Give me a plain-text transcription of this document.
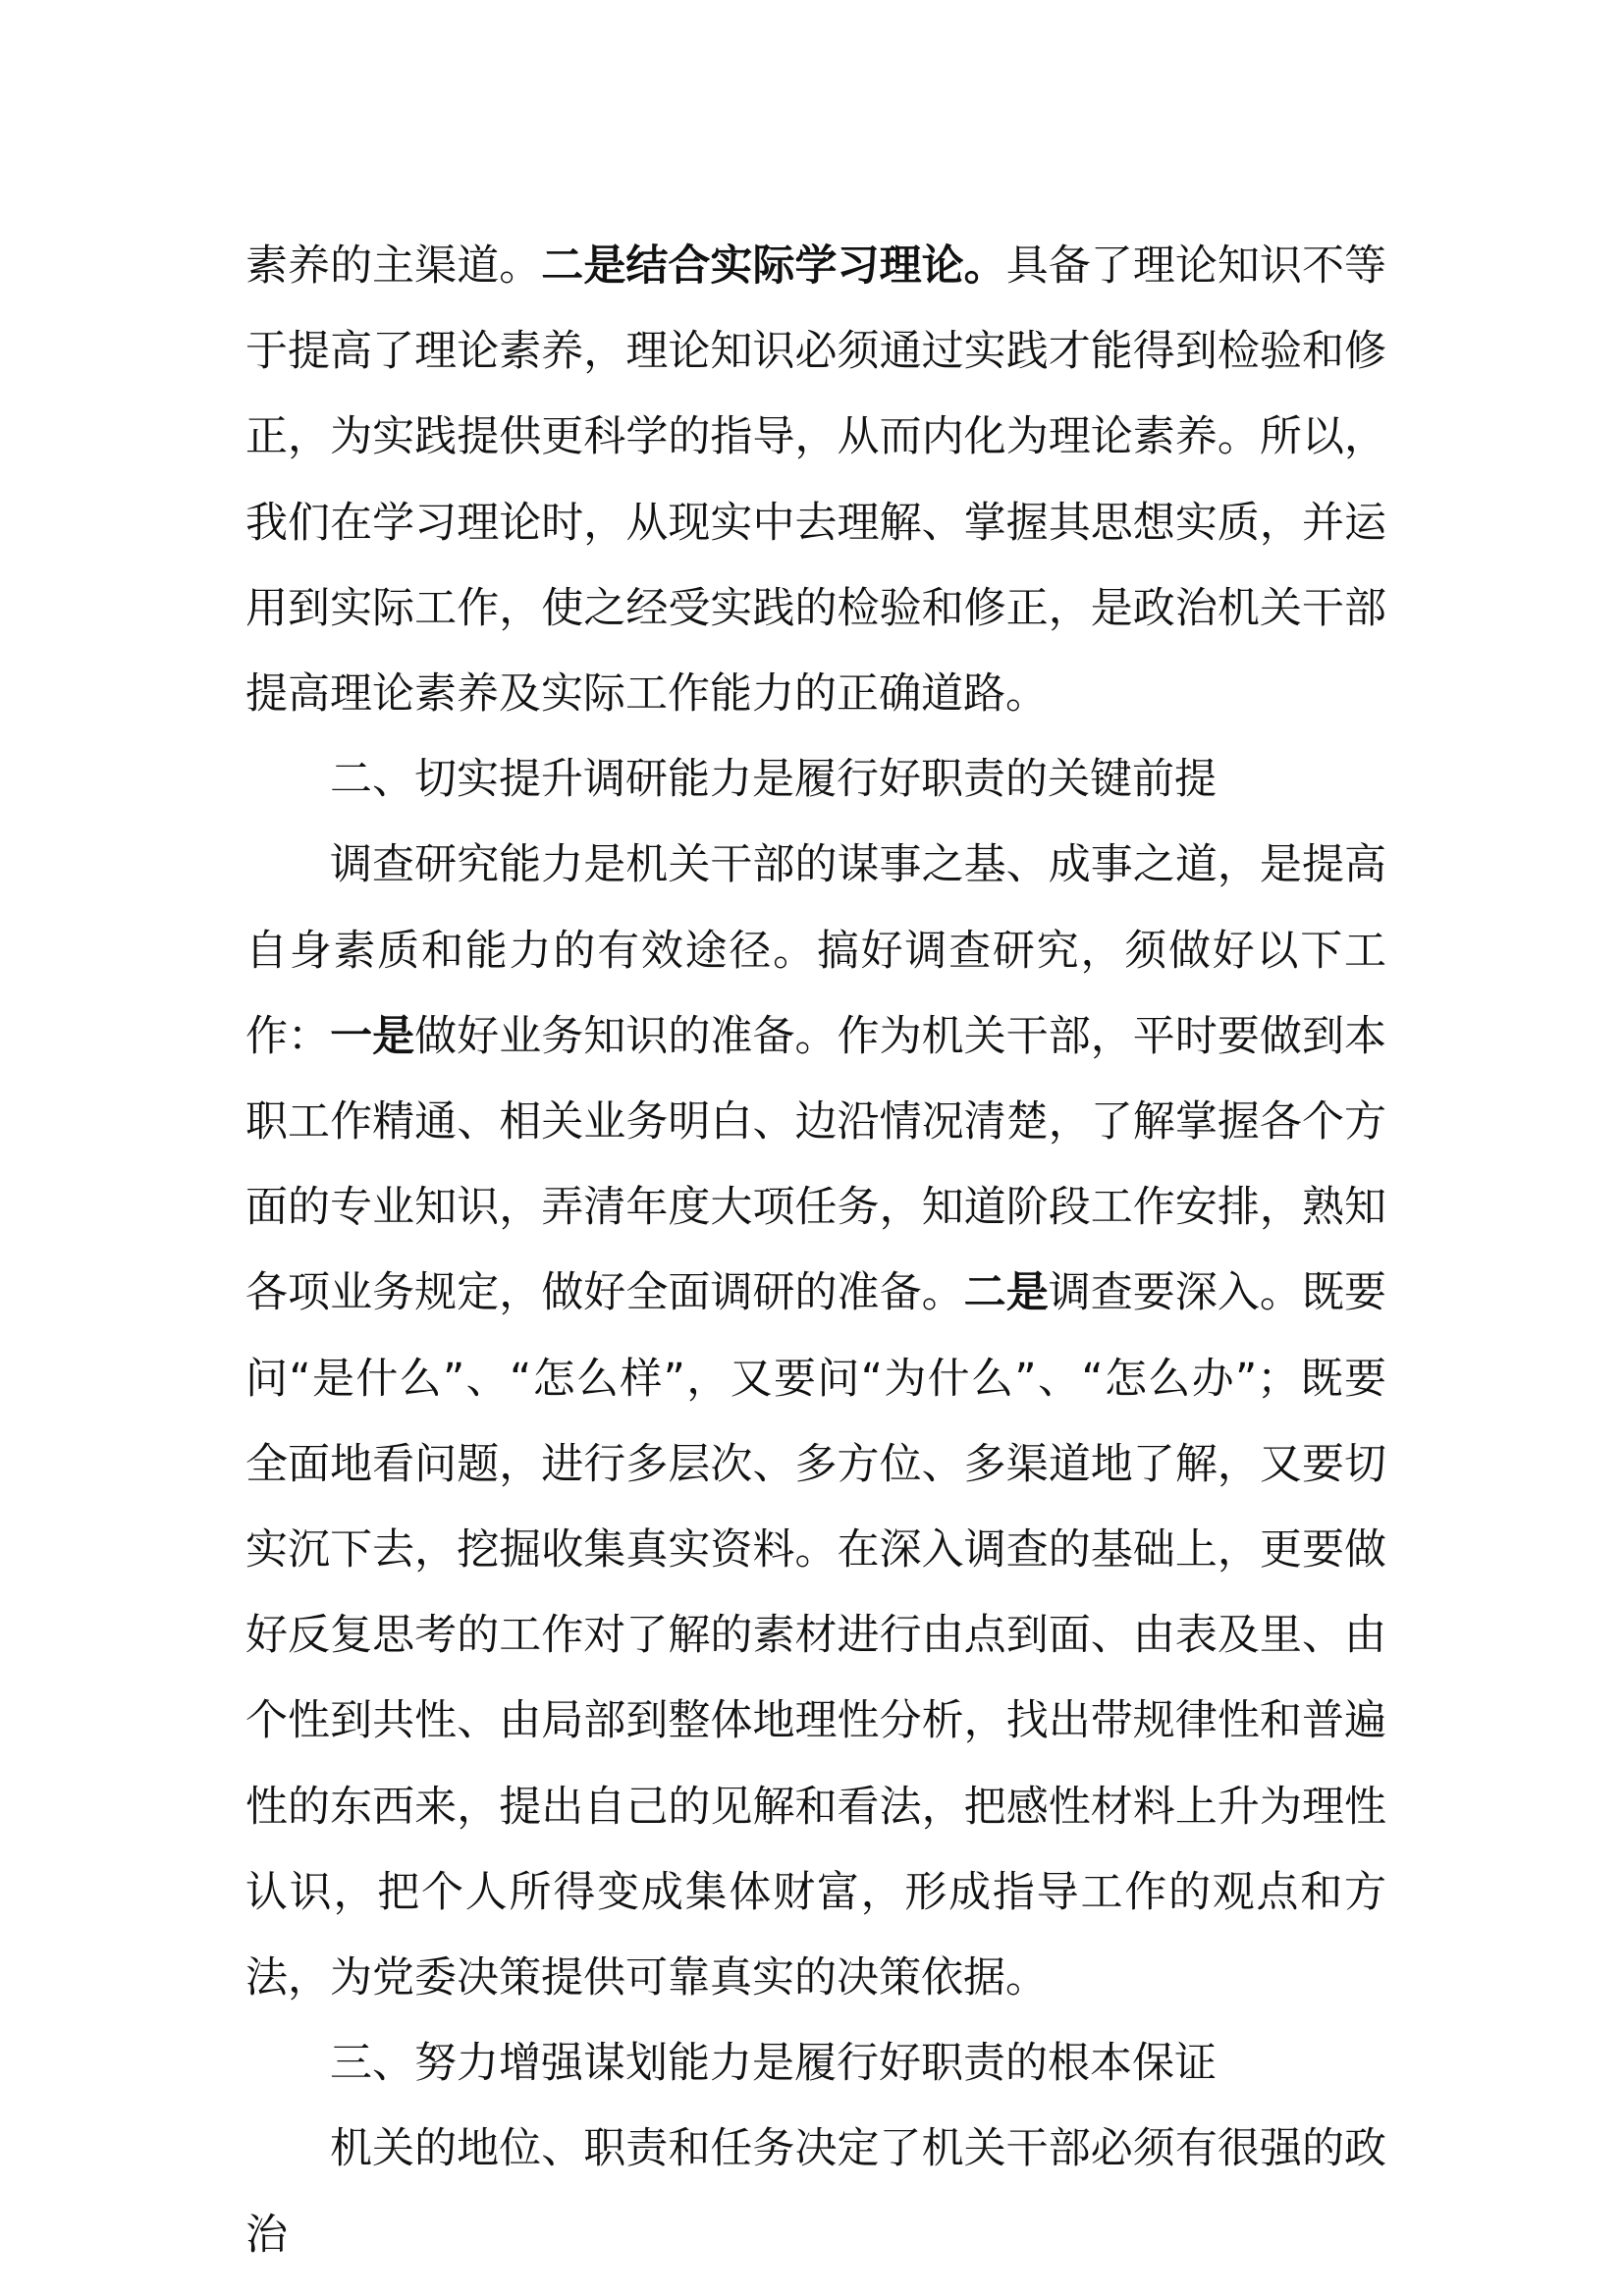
素养的主渠道。二是结合实际学习理论。具备了理论知识不等于提高了理论素养，理论知识必须通过实践才能得到检验和修正，为实践提供更科学的指导，从而内化为理论素养。所以，我们在学习理论时，从现实中去理解、掌握其思想实质，并运用到实际工作，使之经受实践的检验和修正，是政治机关干部提高理论素养及实际工作能力的正确道路。

二、切实提升调研能力是履行好职责的关键前提

调查研究能力是机关干部的谋事之基、成事之道，是提高自身素质和能力的有效途径。搞好调查研究，须做好以下工作：一是做好业务知识的准备。作为机关干部，平时要做到本职工作精通、相关业务明白、边沿情况清楚，了解掌握各个方面的专业知识，弄清年度大项任务，知道阶段工作安排，熟知各项业务规定，做好全面调研的准备。二是调查要深入。既要问“是什么”、“怎么样”，又要问“为什么”、“怎么办”；既要全面地看问题，进行多层次、多方位、多渠道地了解，又要切实沉下去，挖掘收集真实资料。在深入调查的基础上，更要做好反复思考的工作对了解的素材进行由点到面、由表及里、由个性到共性、由局部到整体地理性分析，找出带规律性和普遍性的东西来，提出自己的见解和看法，把感性材料上升为理性认识，把个人所得变成集体财富，形成指导工作的观点和方法，为党委决策提供可靠真实的决策依据。

三、努力增强谋划能力是履行好职责的根本保证

机关的地位、职责和任务决定了机关干部必须有很强的政治
